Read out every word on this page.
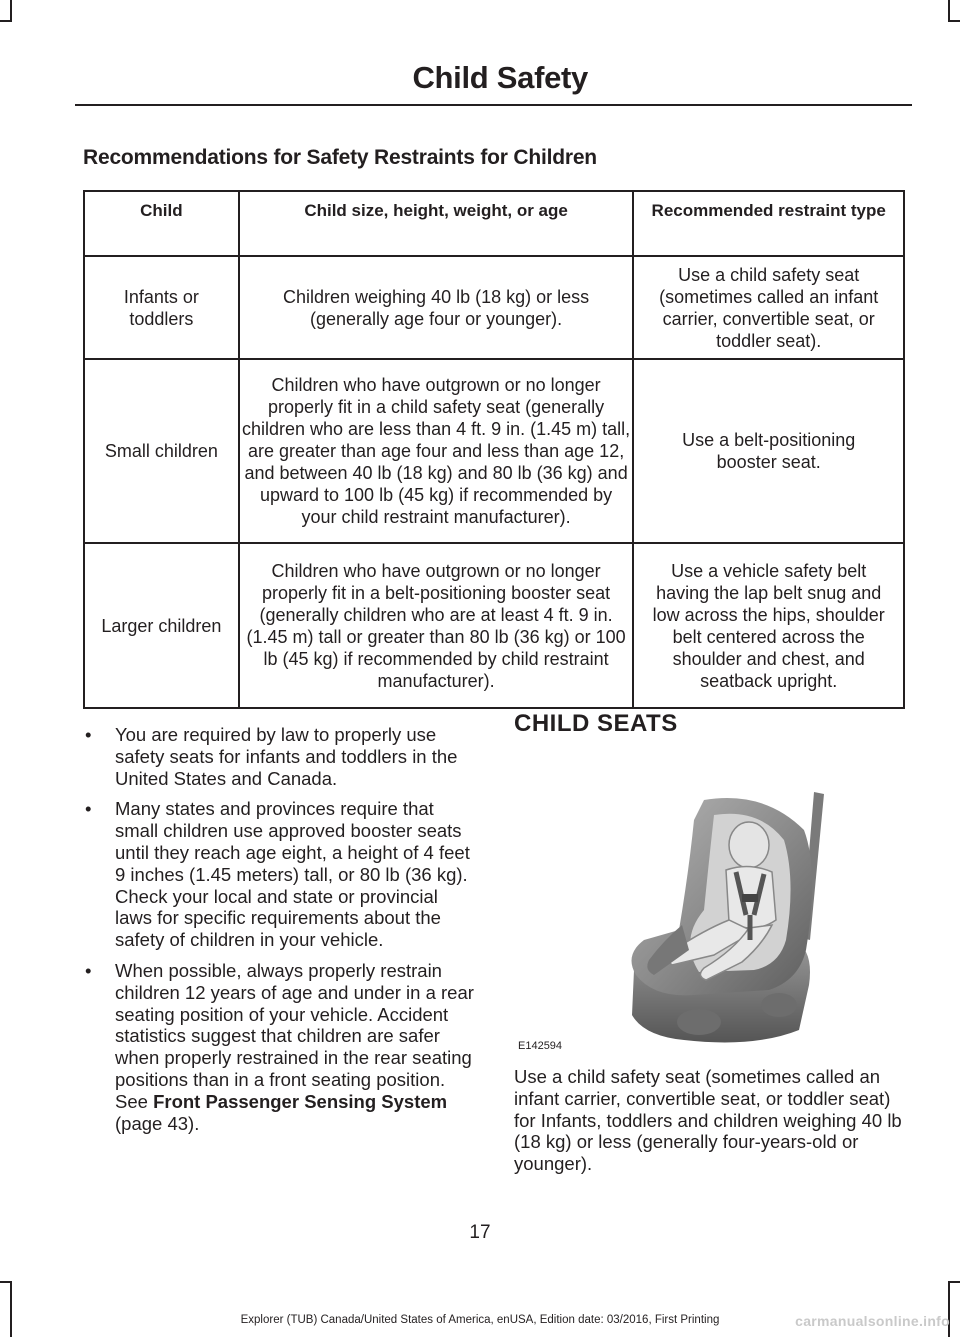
Child Safety
Recommendations for Safety Restraints for Children
Child	Child size, height, weight, or age	Recommended restraint type
Infants or toddlers	Children weighing 40 lb (18 kg) or less (generally age four or younger).	Use a child safety seat (sometimes called an infant carrier, convertible seat, or toddler seat).
Small children	Children who have outgrown or no longer properly fit in a child safety seat (generally children who are less than 4 ft. 9 in. (1.45 m) tall, are greater than age four and less than age 12, and between 40 lb (18 kg) and 80 lb (36 kg) and upward to 100 lb (45 kg) if recommended by your child restraint manufacturer).	Use a belt-positioning booster seat.
Larger children	Children who have outgrown or no longer properly fit in a belt-positioning booster seat (generally children who are at least 4 ft. 9 in. (1.45 m) tall or greater than 80 lb (36 kg) or 100 lb (45 kg) if recommended by child restraint manufacturer).	Use a vehicle safety belt having the lap belt snug and low across the hips, shoulder belt centered across the shoulder and chest, and seatback upright.
• You are required by law to properly use safety seats for infants and toddlers in the United States and Canada.
• Many states and provinces require that small children use approved booster seats until they reach age eight, a height of 4 feet 9 inches (1.45 meters) tall, or 80 lb (36 kg). Check your local and state or provincial laws for specific requirements about the safety of children in your vehicle.
• When possible, always properly restrain children 12 years of age and under in a rear seating position of your vehicle. Accident statistics suggest that children are safer when properly restrained in the rear seating positions than in a front seating position. See Front Passenger Sensing System (page 43).
CHILD SEATS
E142594

Use a child safety seat (sometimes called an infant carrier, convertible seat, or toddler seat) for Infants, toddlers and children weighing 40 lb (18 kg) or less (generally four-years-old or younger).

17
Explorer (TUB) Canada/United States of America, enUSA, Edition date: 03/2016, First Printing	carmanualsonline.info
